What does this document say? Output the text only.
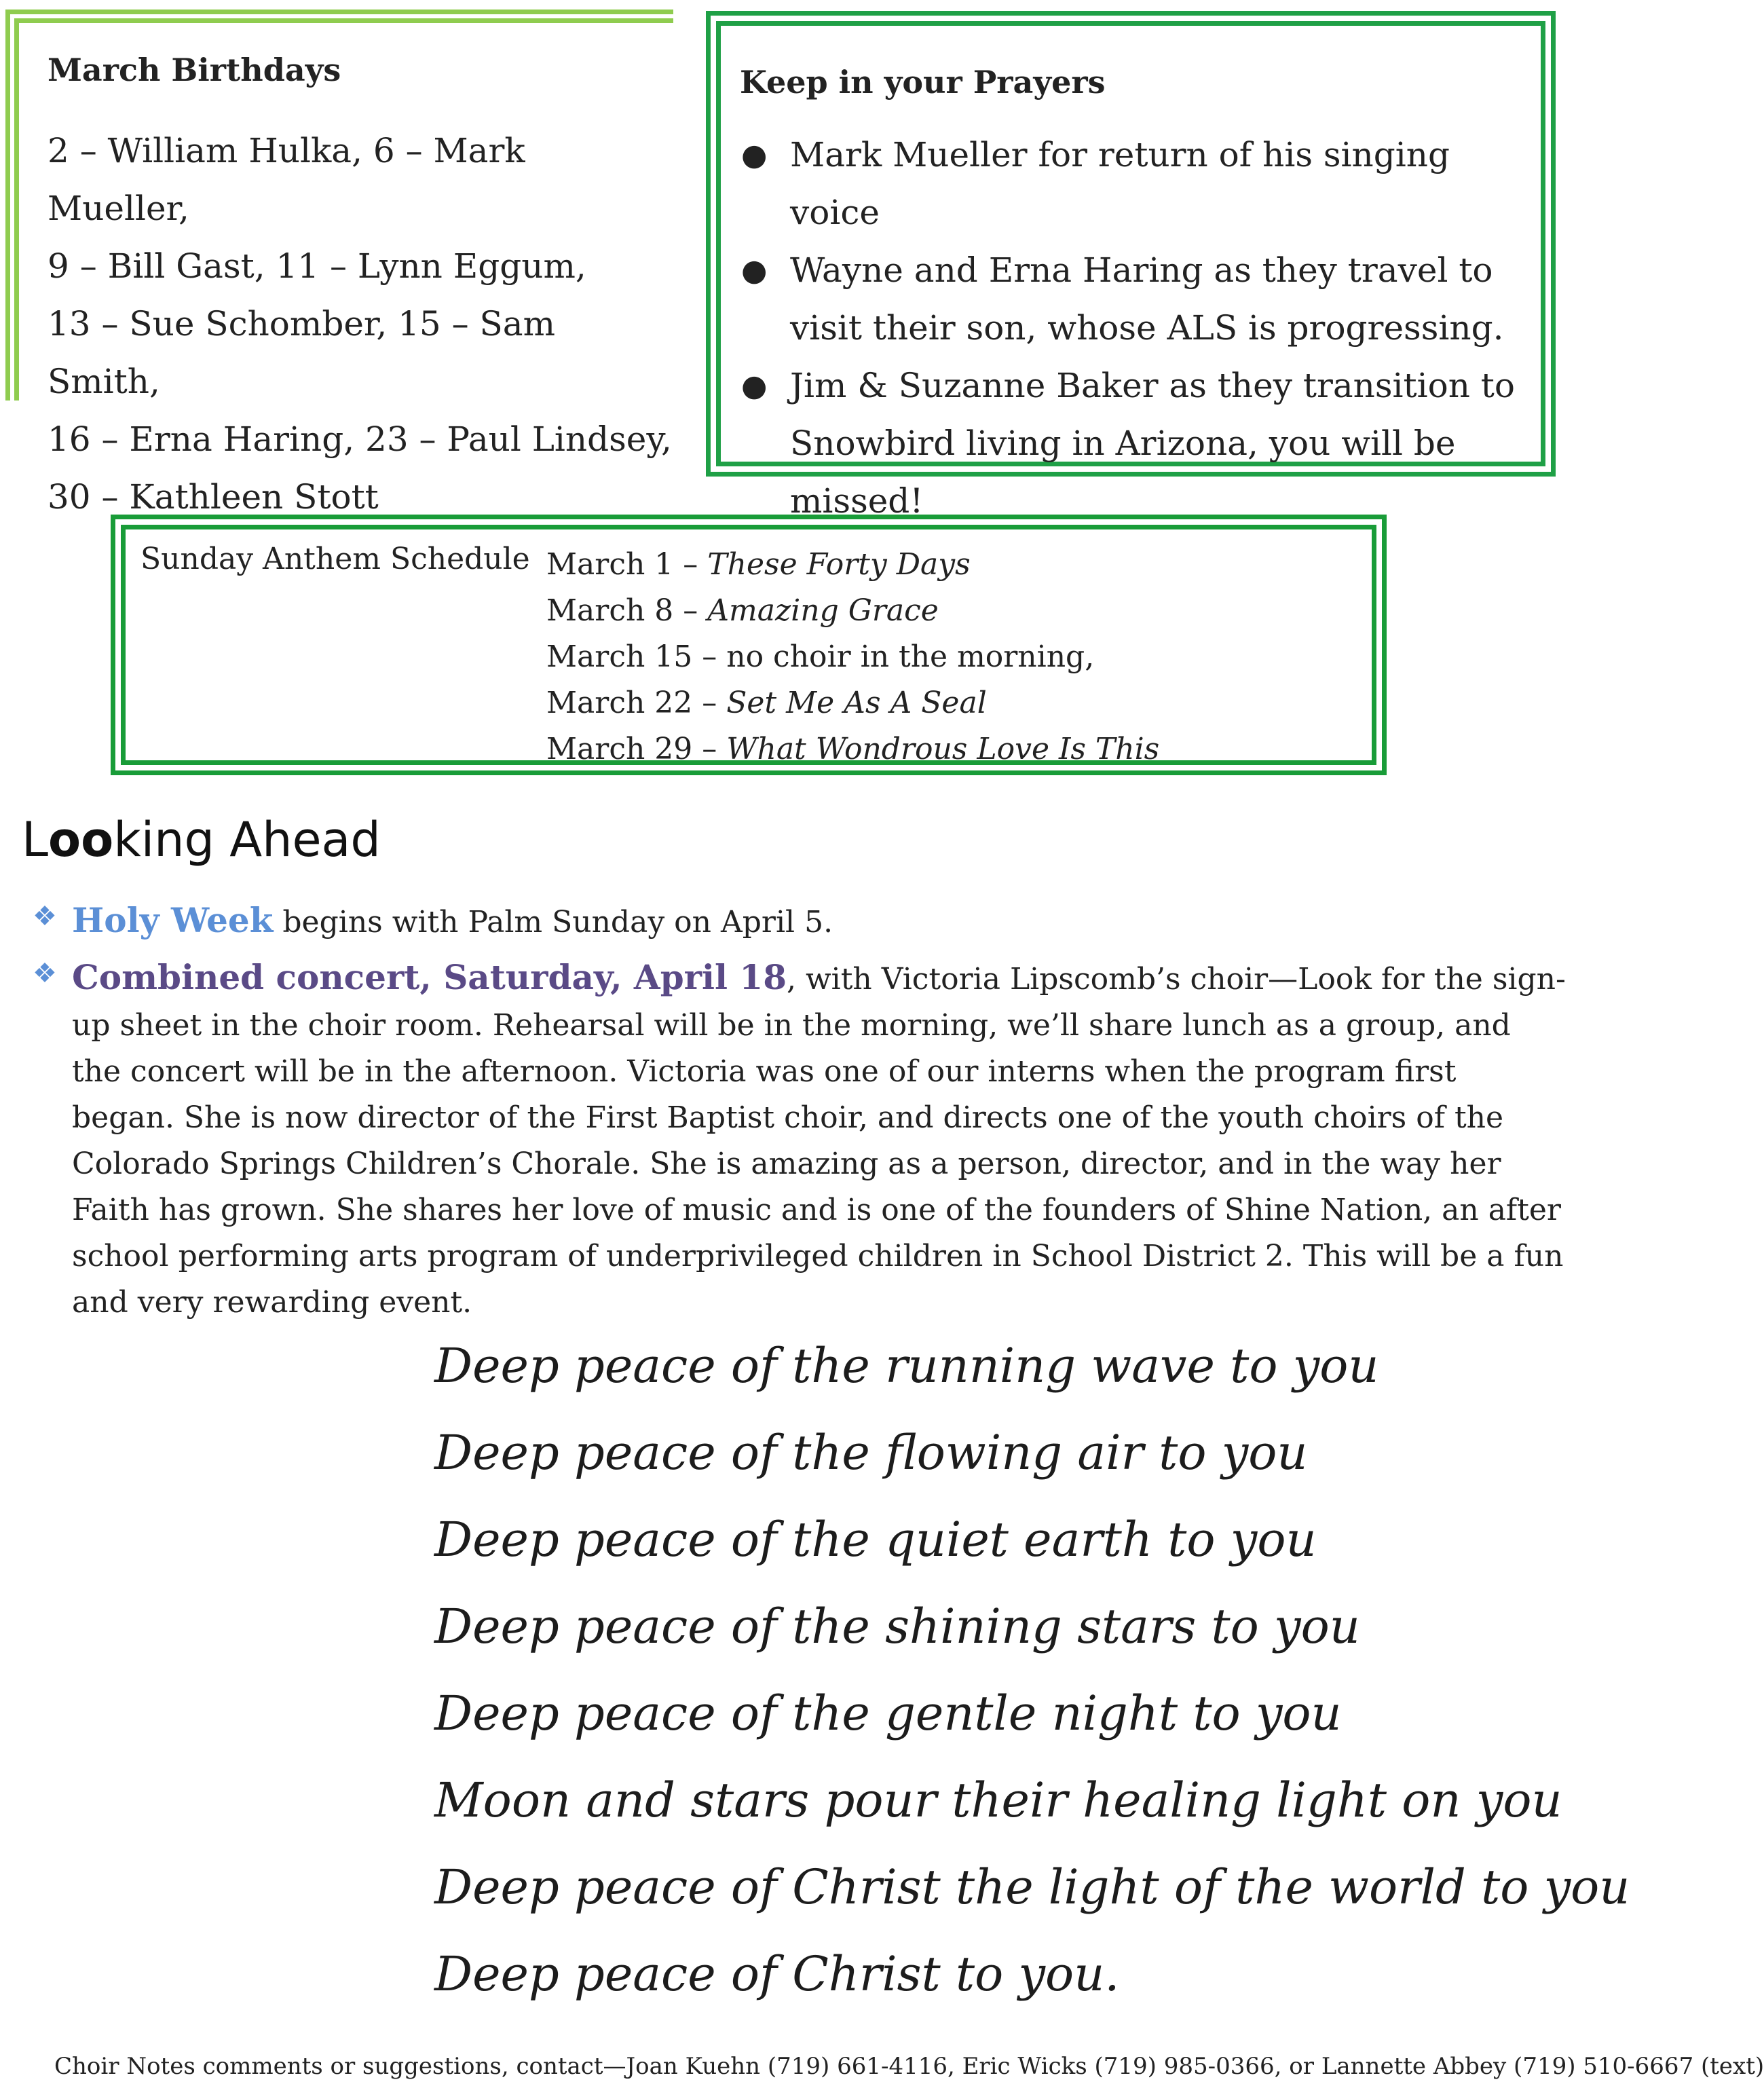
March Birthdays
2 – William Hulka, 6 – Mark Mueller,
9 – Bill Gast, 11 – Lynn Eggum,
13 – Sue Schomber, 15 – Sam Smith,
16 – Erna Haring, 23 – Paul Lindsey,
30 – Kathleen Stott
Keep in your Prayers
● Mark Mueller for return of his singing voice
● Wayne and Erna Haring as they travel to visit their son, whose ALS is progressing.
● Jim & Suzanne Baker as they transition to Snowbird living in Arizona, you will be missed!
Sunday Anthem Schedule March 1 – These Forty Days
March 8 – Amazing Grace
March 15 – no choir in the morning,
March 22 – Set Me As A Seal
March 29 – What Wondrous Love Is This
Looking Ahead
❖ Holy Week begins with Palm Sunday on April 5.
❖ Combined concert, Saturday, April 18, with Victoria Lipscomb’s choir—Look for the sign-up sheet in the choir room. Rehearsal will be in the morning, we’ll share lunch as a group, and the concert will be in the afternoon. Victoria was one of our interns when the program first began. She is now director of the First Baptist choir, and directs one of the youth choirs of the Colorado Springs Children’s Chorale. She is amazing as a person, director, and in the way her Faith has grown. She shares her love of music and is one of the founders of Shine Nation, an after school performing arts program of underprivileged children in School District 2. This will be a fun and very rewarding event.
Deep peace of the running wave to you
Deep peace of the flowing air to you
Deep peace of the quiet earth to you
Deep peace of the shining stars to you
Deep peace of the gentle night to you
Moon and stars pour their healing light on you
Deep peace of Christ the light of the world to you
Deep peace of Christ to you.
Choir Notes comments or suggestions, contact—Joan Kuehn (719) 661-4116, Eric Wicks (719) 985-0366, or Lannette Abbey (719) 510-6667 (text)
